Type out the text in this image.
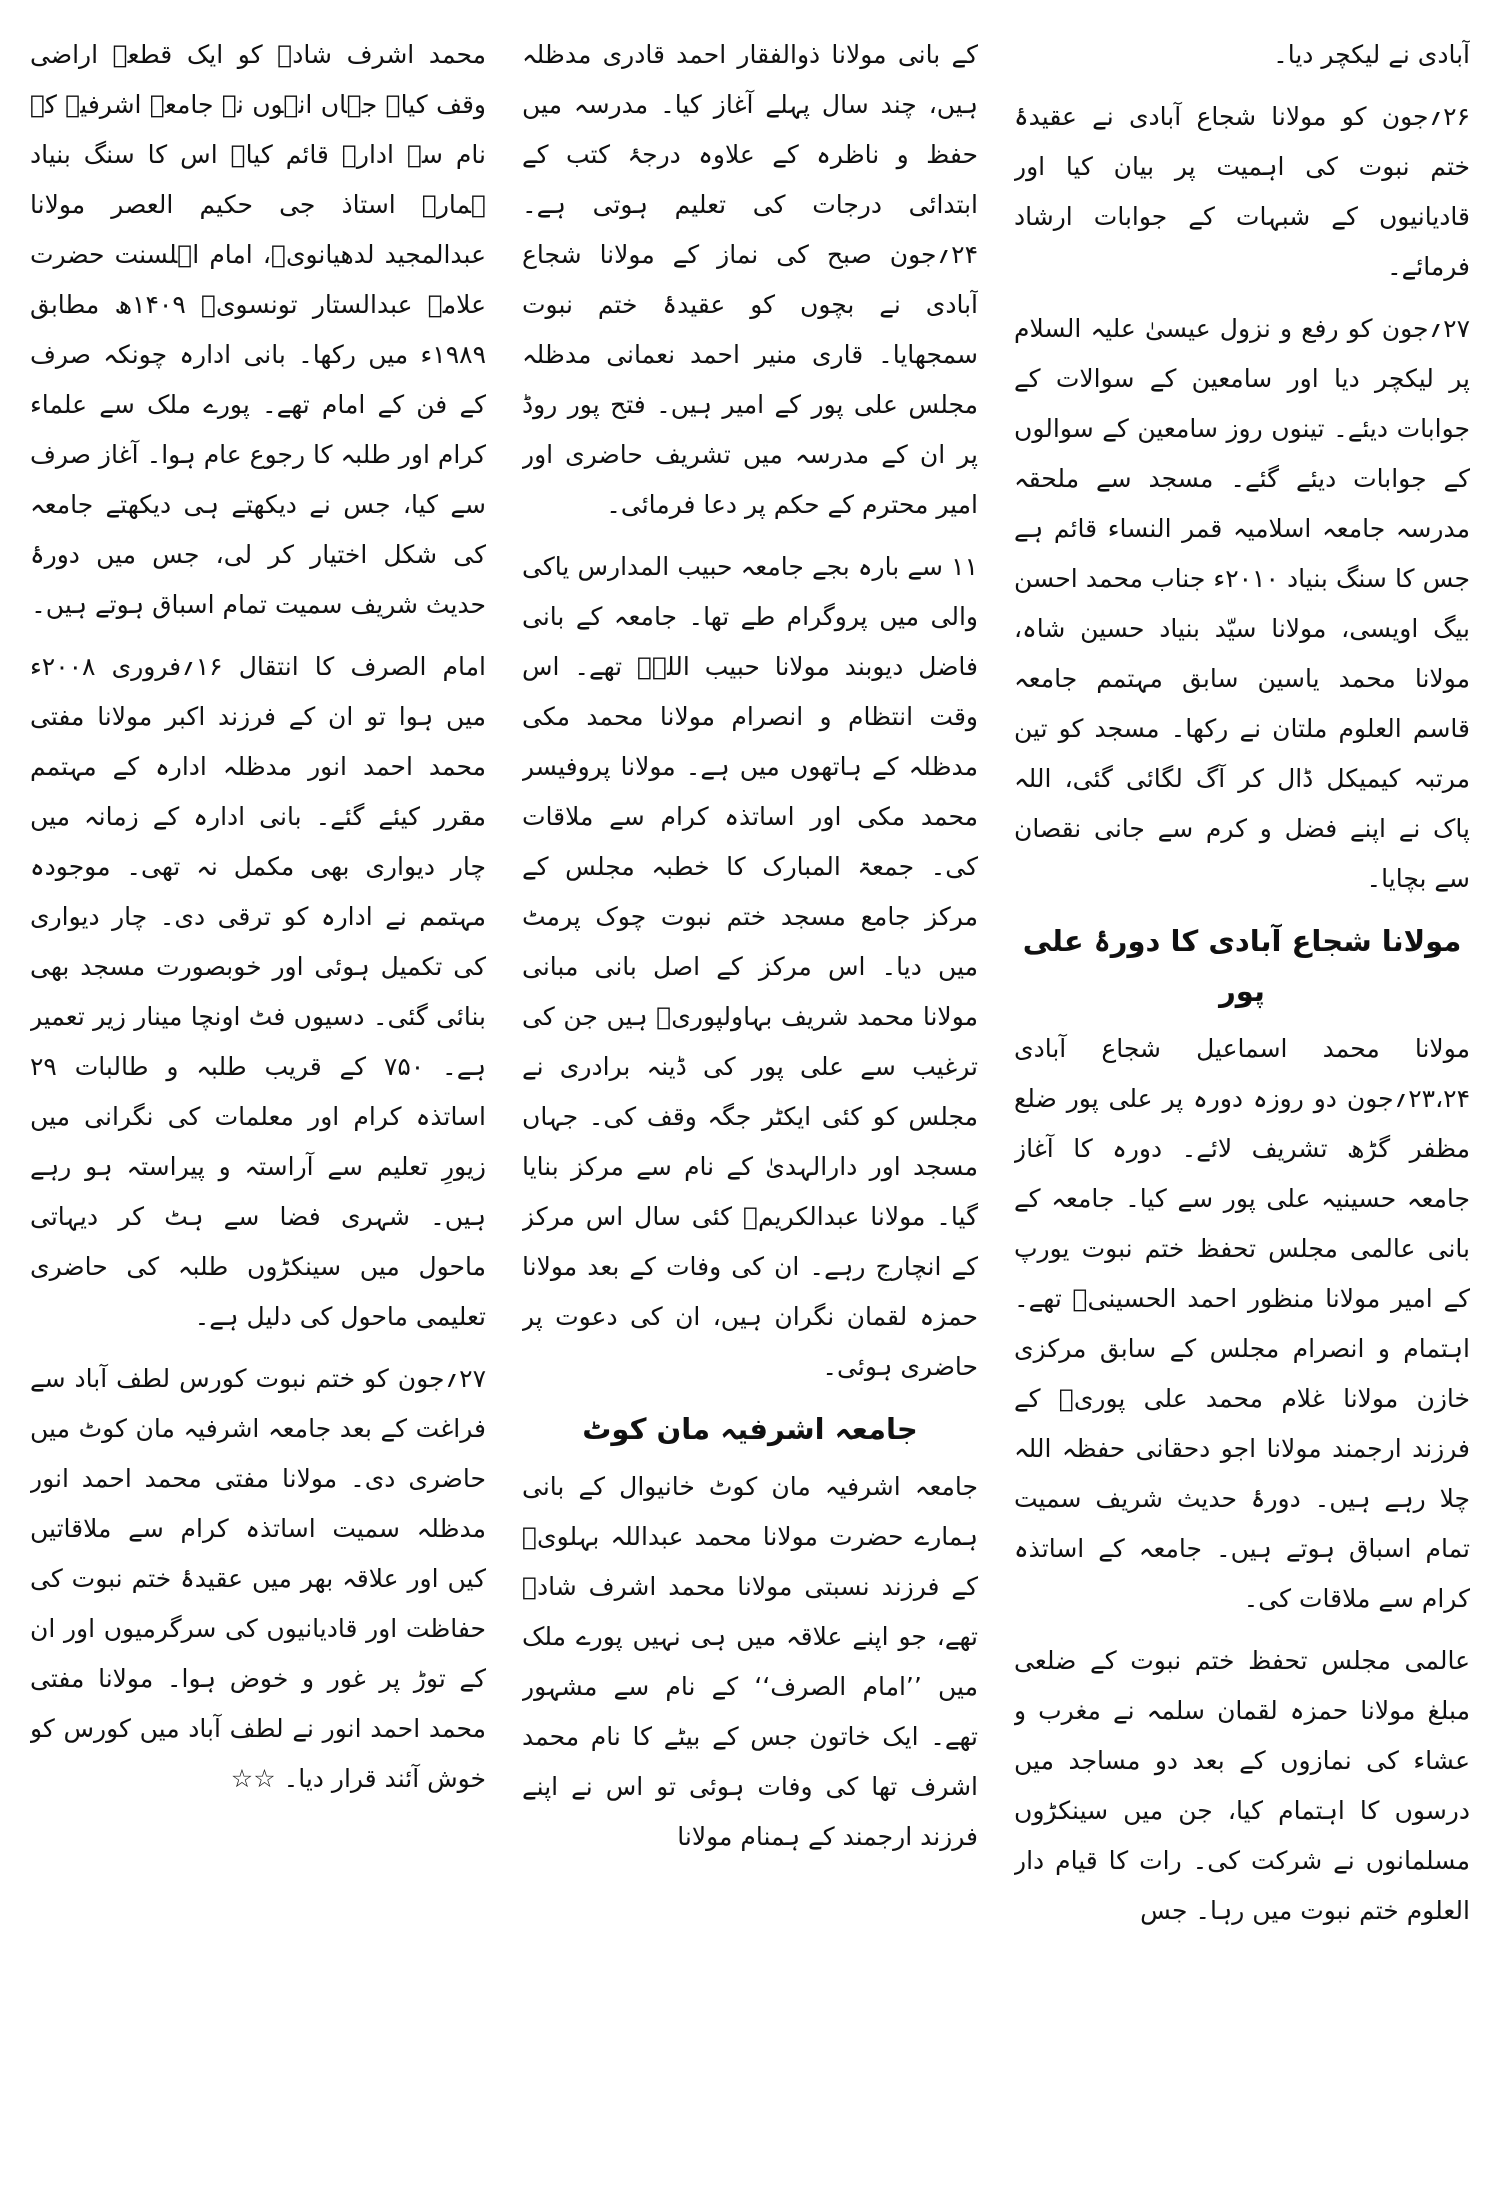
آبادی نے لیکچر دیا۔

۲۶؍جون کو مولانا شجاع آبادی نے عقیدۂ ختم نبوت کی اہمیت پر بیان کیا اور قادیانیوں کے شبہات کے جوابات ارشاد فرمائے۔

۲۷؍جون کو رفع و نزول عیسیٰ علیہ السلام پر لیکچر دیا اور سامعین کے سوالات کے جوابات دیئے۔ تینوں روز سامعین کے سوالوں کے جوابات دیئے گئے۔ مسجد سے ملحقہ مدرسہ جامعہ اسلامیہ قمر النساء قائم ہے جس کا سنگ بنیاد ۲۰۱۰ء جناب محمد احسن بیگ اویسی، مولانا سیّد بنیاد حسین شاہ، مولانا محمد یاسین سابق مہتمم جامعہ قاسم العلوم ملتان نے رکھا۔ مسجد کو تین مرتبہ کیمیکل ڈال کر آگ لگائی گئی، اللہ پاک نے اپنے فضل و کرم سے جانی نقصان سے بچایا۔

مولانا شجاع آبادی کا دورۂ علی پور

مولانا محمد اسماعیل شجاع آبادی ۲۳،۲۴؍جون دو روزہ دورہ پر علی پور ضلع مظفر گڑھ تشریف لائے۔ دورہ کا آغاز جامعہ حسینیہ علی پور سے کیا۔ جامعہ کے بانی عالمی مجلس تحفظ ختم نبوت یورپ کے امیر مولانا منظور احمد الحسینیؒ تھے۔ اہتمام و انصرام مجلس کے سابق مرکزی خازن مولانا غلام محمد علی پوریؒ کے فرزند ارجمند مولانا اجو دحقانی حفظہ اللہ چلا رہے ہیں۔ دورۂ حدیث شریف سمیت تمام اسباق ہوتے ہیں۔ جامعہ کے اساتذہ کرام سے ملاقات کی۔

عالمی مجلس تحفظ ختم نبوت کے ضلعی مبلغ مولانا حمزہ لقمان سلمہ نے مغرب و عشاء کی نمازوں کے بعد دو مساجد میں درسوں کا اہتمام کیا، جن میں سینکڑوں مسلمانوں نے شرکت کی۔ رات کا قیام دار العلوم ختم نبوت میں رہا۔ جس

کے بانی مولانا ذوالفقار احمد قادری مدظلہ ہیں، چند سال پہلے آغاز کیا۔ مدرسہ میں حفظ و ناظرہ کے علاوہ درجۂ کتب کے ابتدائی درجات کی تعلیم ہوتی ہے۔ ۲۴؍جون صبح کی نماز کے مولانا شجاع آبادی نے بچوں کو عقیدۂ ختم نبوت سمجھایا۔ قاری منیر احمد نعمانی مدظلہ مجلس علی پور کے امیر ہیں۔ فتح پور روڈ پر ان کے مدرسہ میں تشریف حاضری اور امیر محترم کے حکم پر دعا فرمائی۔

۱۱ سے بارہ بجے جامعہ حبیب المدارس یاکی والی میں پروگرام طے تھا۔ جامعہ کے بانی فاضل دیوبند مولانا حبیب اللہؒ تھے۔ اس وقت انتظام و انصرام مولانا محمد مکی مدظلہ کے ہاتھوں میں ہے۔ مولانا پروفیسر محمد مکی اور اساتذہ کرام سے ملاقات کی۔ جمعۃ المبارک کا خطبہ مجلس کے مرکز جامع مسجد ختم نبوت چوک پرمٹ میں دیا۔ اس مرکز کے اصل بانی مبانی مولانا محمد شریف بہاولپوریؒ ہیں جن کی ترغیب سے علی پور کی ڈینہ برادری نے مجلس کو کئی ایکٹر جگہ وقف کی۔ جہاں مسجد اور دارالہدیٰ کے نام سے مرکز بنایا گیا۔ مولانا عبدالکریمؒ کئی سال اس مرکز کے انچارج رہے۔ ان کی وفات کے بعد مولانا حمزہ لقمان نگران ہیں، ان کی دعوت پر حاضری ہوئی۔

جامعہ اشرفیہ مان کوٹ

جامعہ اشرفیہ مان کوٹ خانیوال کے بانی ہمارے حضرت مولانا محمد عبداللہ بہلویؒ کے فرزند نسبتی مولانا محمد اشرف شادؒ تھے، جو اپنے علاقہ میں ہی نہیں پورے ملک میں ’’امام الصرف‘‘ کے نام سے مشہور تھے۔ ایک خاتون جس کے بیٹے کا نام محمد اشرف تھا کی وفات ہوئی تو اس نے اپنے فرزند ارجمند کے ہمنام مولانا

محمد اشرف شادؒ کو ایک قطعۂ اراضی وقف کیا۔ جہاں انہوں نے جامعہ اشرفیہ کے نام سے ادارہ قائم کیا۔ اس کا سنگ بنیاد ہمارے استاذ جی حکیم العصر مولانا عبدالمجید لدھیانویؒ، امام اہلسنت حضرت علامہ عبدالستار تونسویؒ ۱۴۰۹ھ مطابق ۱۹۸۹ء میں رکھا۔ بانی ادارہ چونکہ صرف کے فن کے امام تھے۔ پورے ملک سے علماء کرام اور طلبہ کا رجوع عام ہوا۔ آغاز صرف سے کیا، جس نے دیکھتے ہی دیکھتے جامعہ کی شکل اختیار کر لی، جس میں دورۂ حدیث شریف سمیت تمام اسباق ہوتے ہیں۔

امام الصرف کا انتقال ۱۶؍فروری ۲۰۰۸ء میں ہوا تو ان کے فرزند اکبر مولانا مفتی محمد احمد انور مدظلہ ادارہ کے مہتمم مقرر کیئے گئے۔ بانی ادارہ کے زمانہ میں چار دیواری بھی مکمل نہ تھی۔ موجودہ مہتمم نے ادارہ کو ترقی دی۔ چار دیواری کی تکمیل ہوئی اور خوبصورت مسجد بھی بنائی گئی۔ دسیوں فٹ اونچا مینار زیر تعمیر ہے۔ ۷۵۰ کے قریب طلبہ و طالبات ۲۹ اساتذہ کرام اور معلمات کی نگرانی میں زیورِ تعلیم سے آراستہ و پیراستہ ہو رہے ہیں۔ شہری فضا سے ہٹ کر دیہاتی ماحول میں سینکڑوں طلبہ کی حاضری تعلیمی ماحول کی دلیل ہے۔

۲۷؍جون کو ختم نبوت کورس لطف آباد سے فراغت کے بعد جامعہ اشرفیہ مان کوٹ میں حاضری دی۔ مولانا مفتی محمد احمد انور مدظلہ سمیت اساتذہ کرام سے ملاقاتیں کیں اور علاقہ بھر میں عقیدۂ ختم نبوت کی حفاظت اور قادیانیوں کی سرگرمیوں اور ان کے توڑ پر غور و خوض ہوا۔ مولانا مفتی محمد احمد انور نے لطف آباد میں کورس کو خوش آئند قرار دیا۔ ☆☆
